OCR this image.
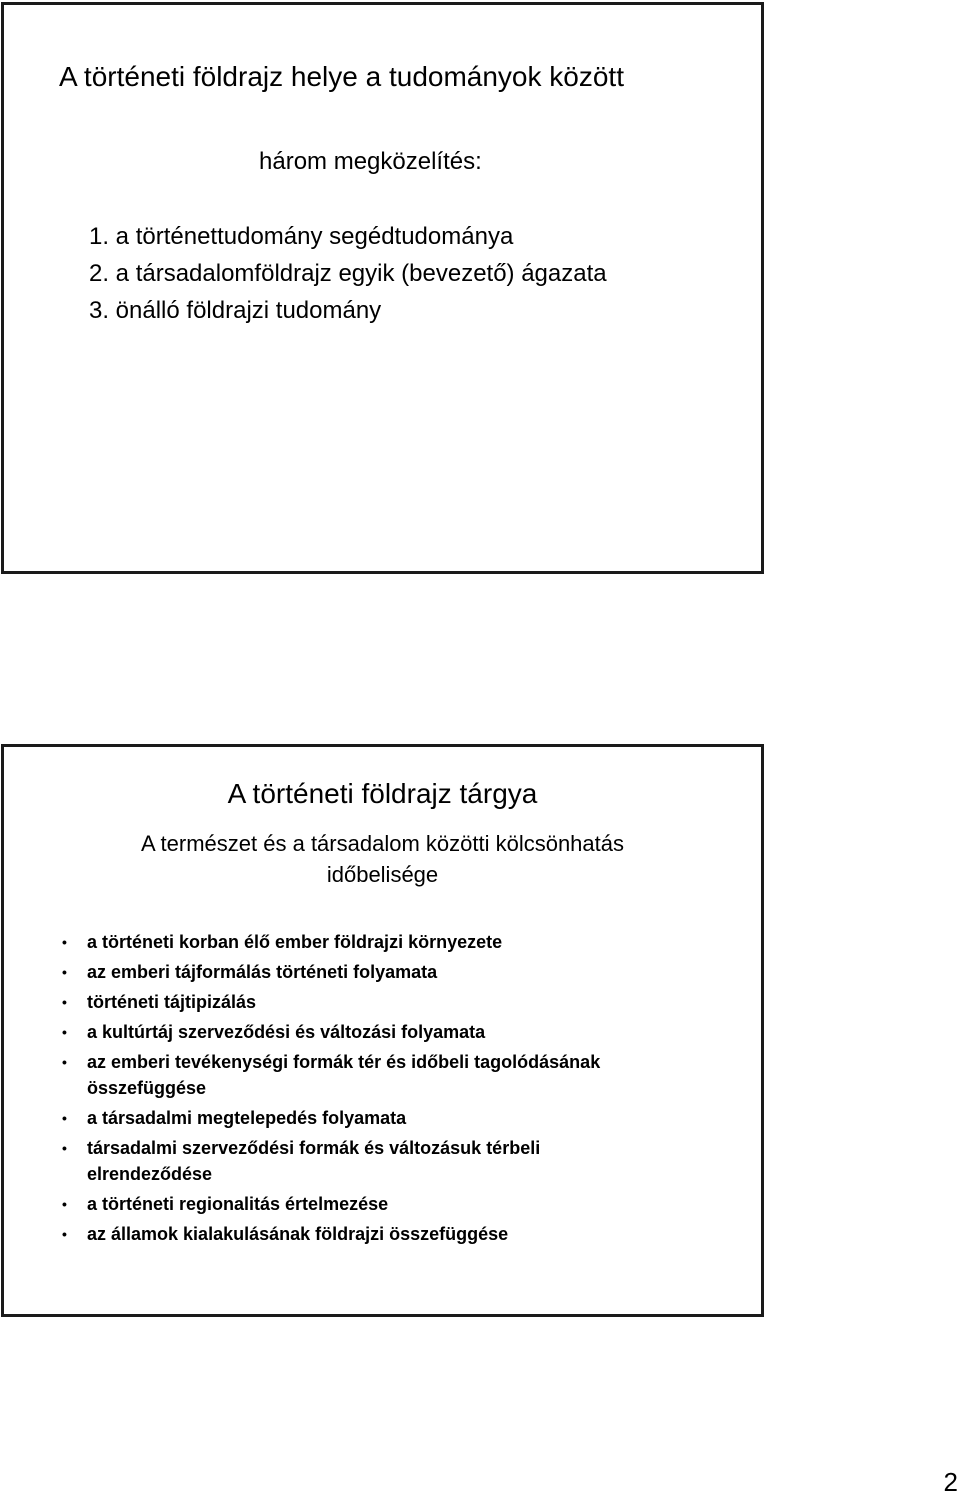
A történeti földrajz helye a tudományok között
három megközelítés:
1. a történettudomány segédtudománya
2. a társadalomföldrajz egyik (bevezető) ágazata
3. önálló földrajzi tudomány
A történeti földrajz tárgya
A természet és a társadalom közötti kölcsönhatás
időbelisége
• a történeti korban élő ember földrajzi környezete
• az emberi tájformálás történeti folyamata
• történeti tájtipizálás
• a kultúrtáj szerveződési és változási folyamata
• az emberi tevékenységi formák tér és időbeli tagolódásának
összefüggése
• a társadalmi megtelepedés folyamata
• társadalmi szerveződési formák és változásuk térbeli
elrendeződése
• a történeti regionalitás értelmezése
• az államok kialakulásának földrajzi összefüggése
2
